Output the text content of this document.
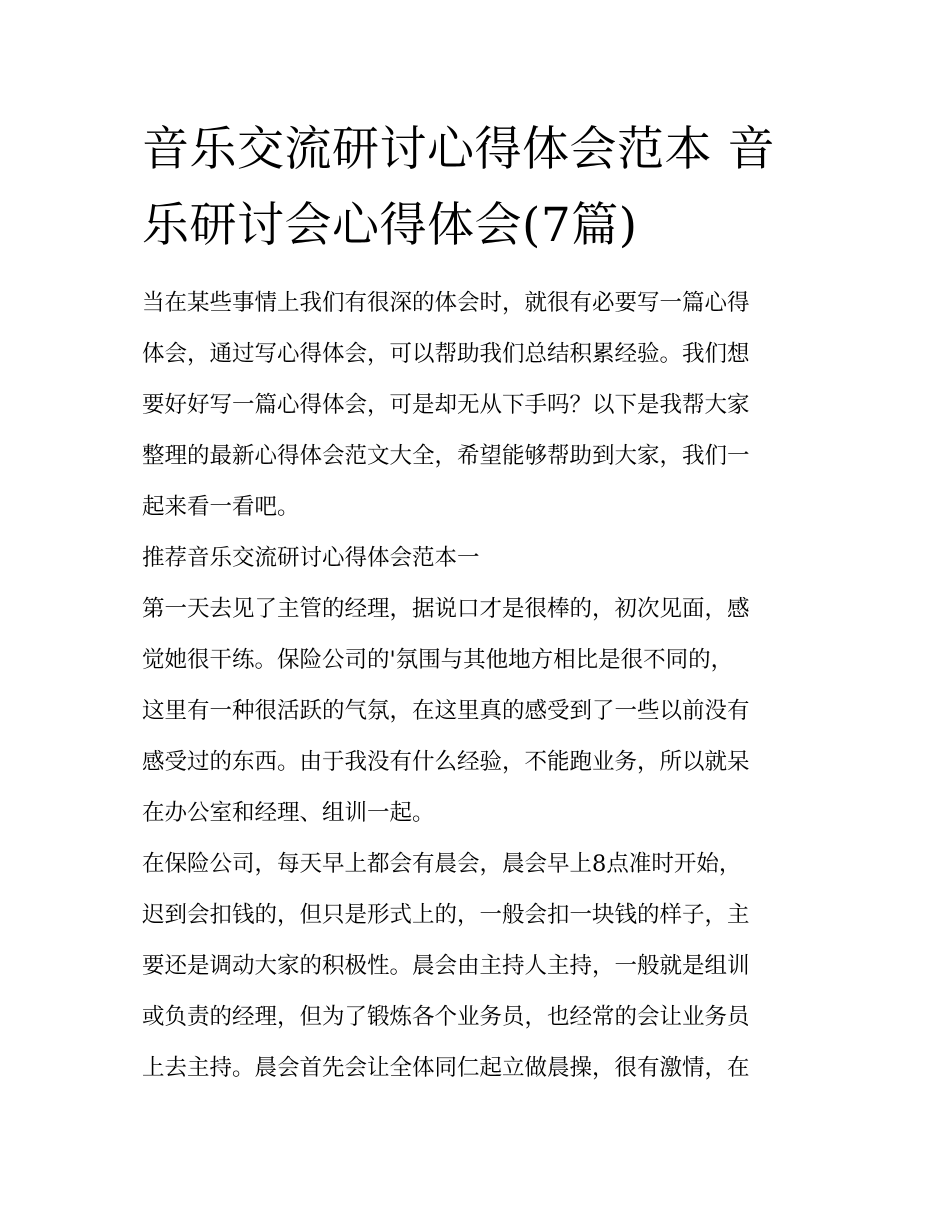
音乐交流研讨心得体会范本 音
乐研讨会心得体会(7篇)
当在某些事情上我们有很深的体会时，就很有必要写一篇心得
体会，通过写心得体会，可以帮助我们总结积累经验。我们想
要好好写一篇心得体会，可是却无从下手吗？以下是我帮大家
整理的最新心得体会范文大全，希望能够帮助到大家，我们一
起来看一看吧。
推荐音乐交流研讨心得体会范本一
第一天去见了主管的经理，据说口才是很棒的，初次见面，感
觉她很干练。保险公司的'氛围与其他地方相比是很不同的，
这里有一种很活跃的气氛，在这里真的感受到了一些以前没有
感受过的东西。由于我没有什么经验，不能跑业务，所以就呆
在办公室和经理、组训一起。
在保险公司，每天早上都会有晨会，晨会早上8点准时开始，
迟到会扣钱的，但只是形式上的，一般会扣一块钱的样子，主
要还是调动大家的积极性。晨会由主持人主持，一般就是组训
或负责的经理，但为了锻炼各个业务员，也经常的会让业务员
上去主持。晨会首先会让全体同仁起立做晨操，很有激情，在
